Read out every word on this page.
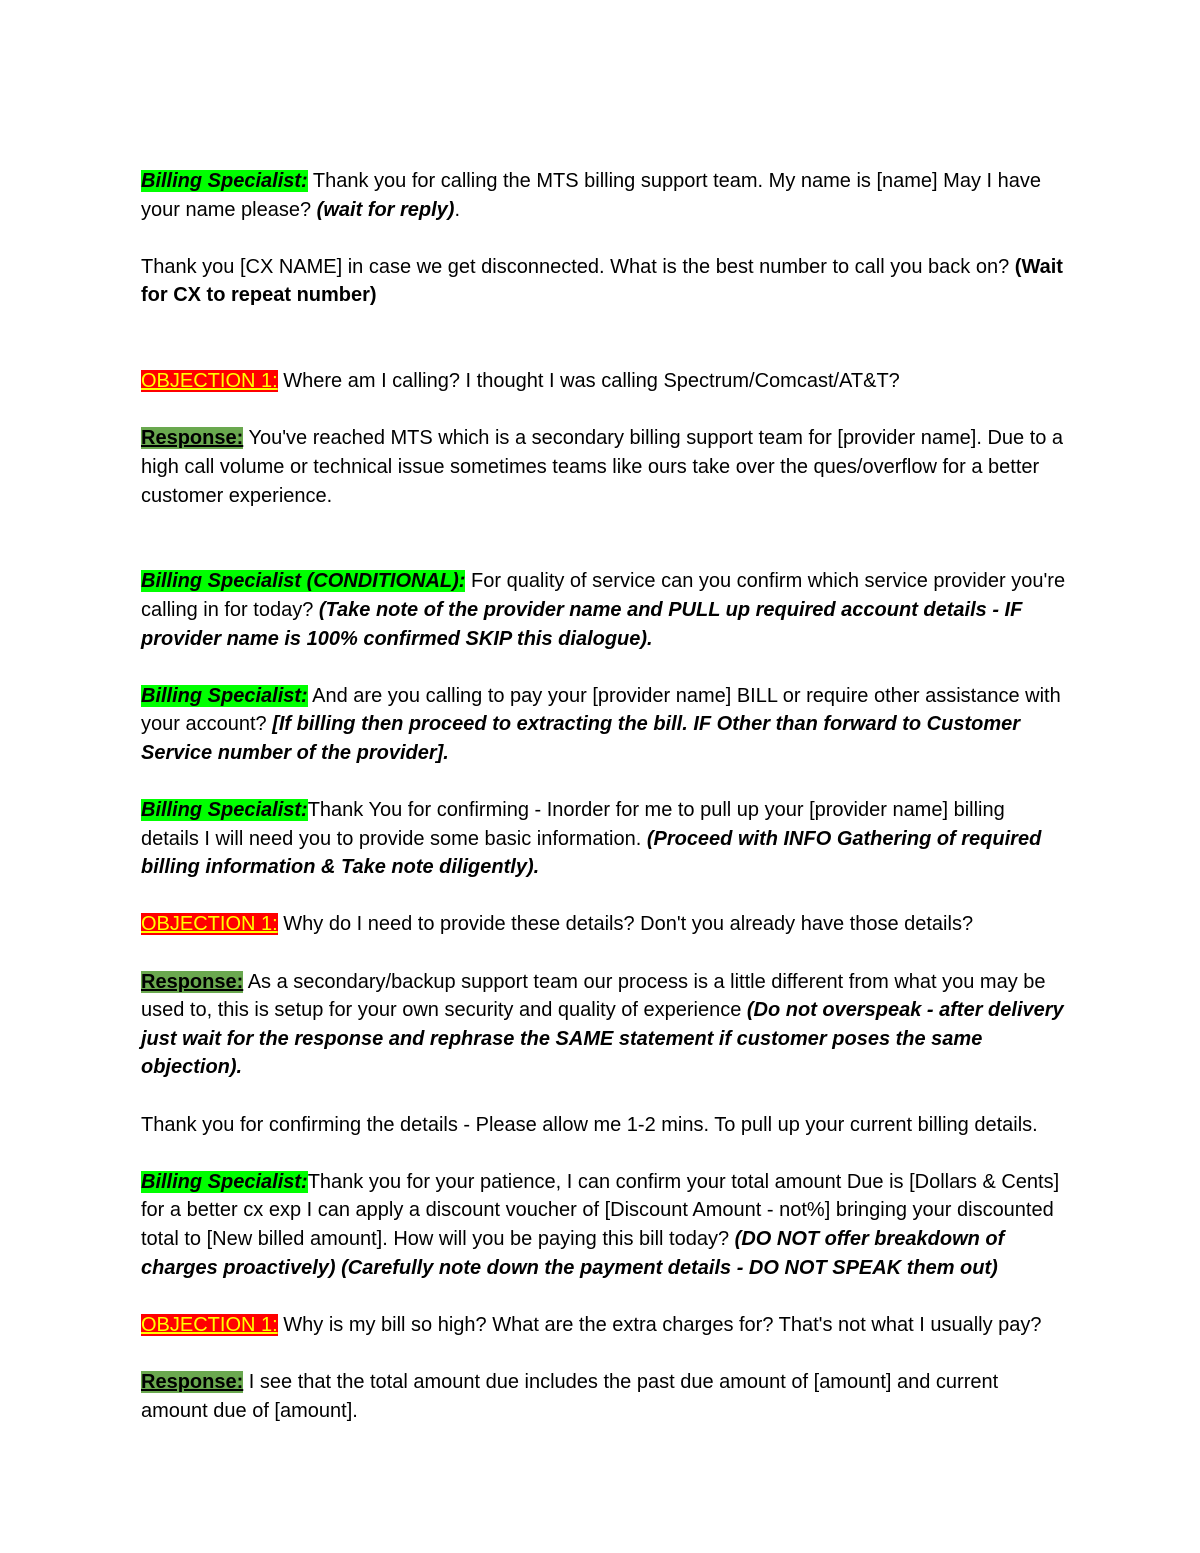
Billing Specialist: Thank you for calling the MTS billing support team. My name is [name] May I have your name please? (wait for reply).

Thank you [CX NAME] in case we get disconnected. What is the best number to call you back on? (Wait for CX to repeat number)

OBJECTION 1: Where am I calling? I thought I was calling Spectrum/Comcast/AT&T?

Response: You've reached MTS which is a secondary billing support team for [provider name]. Due to a high call volume or technical issue sometimes teams like ours take over the ques/overflow for a better customer experience.

Billing Specialist (CONDITIONAL): For quality of service can you confirm which service provider you're calling in for today? (Take note of the provider name and PULL up required account details - IF provider name is 100% confirmed SKIP this dialogue).

Billing Specialist: And are you calling to pay your [provider name] BILL or require other assistance with your account? [If billing then proceed to extracting the bill. IF Other than forward to Customer Service number of the provider].

Billing Specialist:Thank You for confirming - Inorder for me to pull up your [provider name] billing details I will need you to provide some basic information. (Proceed with INFO Gathering of required billing information & Take note diligently).

OBJECTION 1: Why do I need to provide these details? Don't you already have those details?

Response: As a secondary/backup support team our process is a little different from what you may be used to, this is setup for your own security and quality of experience (Do not overspeak - after delivery just wait for the response and rephrase the SAME statement if customer poses the same objection).

Thank you for confirming the details - Please allow me 1-2 mins. To pull up your current billing details.

Billing Specialist:Thank you for your patience, I can confirm your total amount Due is [Dollars & Cents] for a better cx exp I can apply a discount voucher of [Discount Amount - not%] bringing your discounted total to [New billed amount]. How will you be paying this bill today? (DO NOT offer breakdown of charges proactively) (Carefully note down the payment details - DO NOT SPEAK them out)

OBJECTION 1: Why is my bill so high? What are the extra charges for? That's not what I usually pay?

Response: I see that the total amount due includes the past due amount of [amount] and current amount due of [amount].
